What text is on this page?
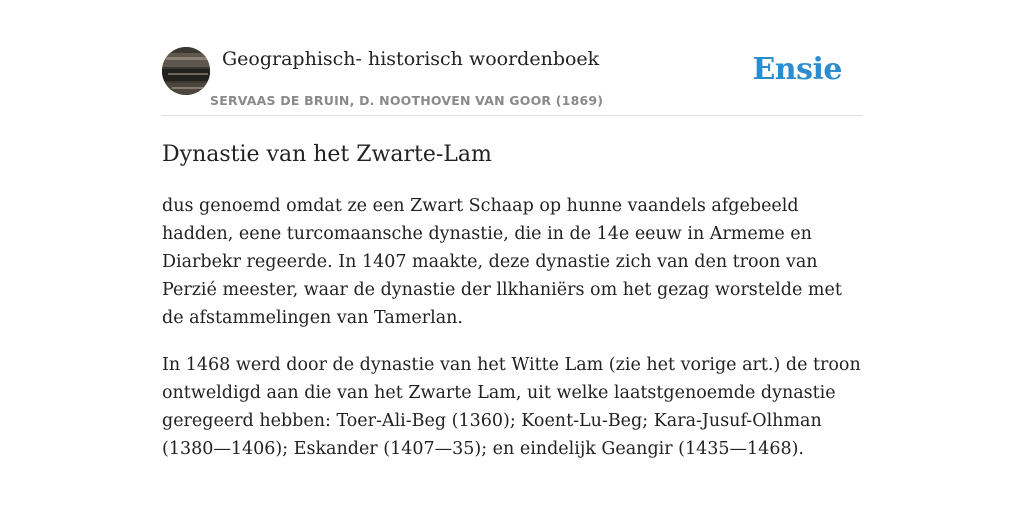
Geographisch- historisch woordenboek
SERVAAS DE BRUIN, D. NOOTHOVEN VAN GOOR (1869)
Ensie
Dynastie van het Zwarte-Lam

dus genoemd omdat ze een Zwart Schaap op hunne vaandels afgebeeld hadden, eene turcomaansche dynastie, die in de 14e eeuw in Armeme en Diarbekr regeerde. In 1407 maakte, deze dynastie zich van den troon van Perzié meester, waar de dynastie der llkhaniërs om het gezag worstelde met de afstammelingen van Tamerlan.

In 1468 werd door de dynastie van het Witte Lam (zie het vorige art.) de troon ontweldigd aan die van het Zwarte Lam, uit welke laatstgenoemde dynastie geregeerd hebben: Toer-Ali-Beg (1360); Koent-Lu-Beg; Kara-Jusuf-Olhman (1380—1406); Eskander (1407—35); en eindelijk Geangir (1435—1468).
